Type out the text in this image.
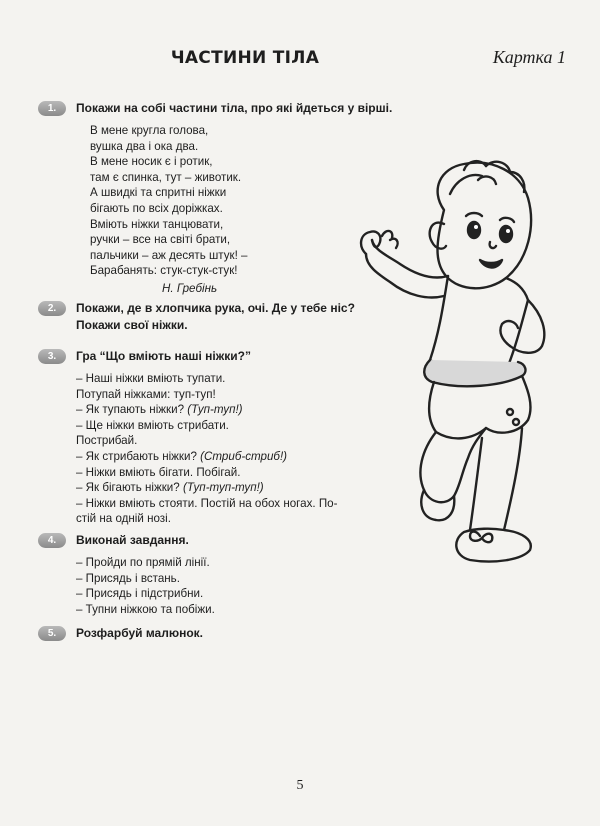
ЧАСТИНИ ТІЛА	Картка 1
1.	Покажи на собі частини тіла, про які йдеться у вірші.
В мене кругла голова,
вушка два і ока два.
В мене носик є і ротик,
там є спинка, тут – животик.
А швидкі та спритні ніжки
бігають по всіх доріжках.
Вміють ніжки танцювати,
ручки – все на світі брати,
пальчики – аж десять штук! –
Барабанять: стук-стук-стук!
Н. Гребінь
2.	Покажи, де в хлопчика рука, очі. Де у тебе ніс?
Покажи свої ніжки.
3.	Гра “Що вміють наші ніжки?”
– Наші ніжки вміють тупати.
Потупай ніжками: туп-туп!
– Як тупають ніжки? (Туп-туп!)
– Ще ніжки вміють стрибати.
Пострибай.
– Як стрибають ніжки? (Стриб-стриб!)
– Ніжки вміють бігати. Побігай.
– Як бігають ніжки? (Туп-туп-туп!)
– Ніжки вміють стояти. Постій на обох ногах. По-
стій на одній нозі.
4.	Виконай завдання.
– Пройди по прямій лінії.
– Присядь і встань.
– Присядь і підстрибни.
– Тупни ніжкою та побіжи.
5.	Розфарбуй малюнок.
5
